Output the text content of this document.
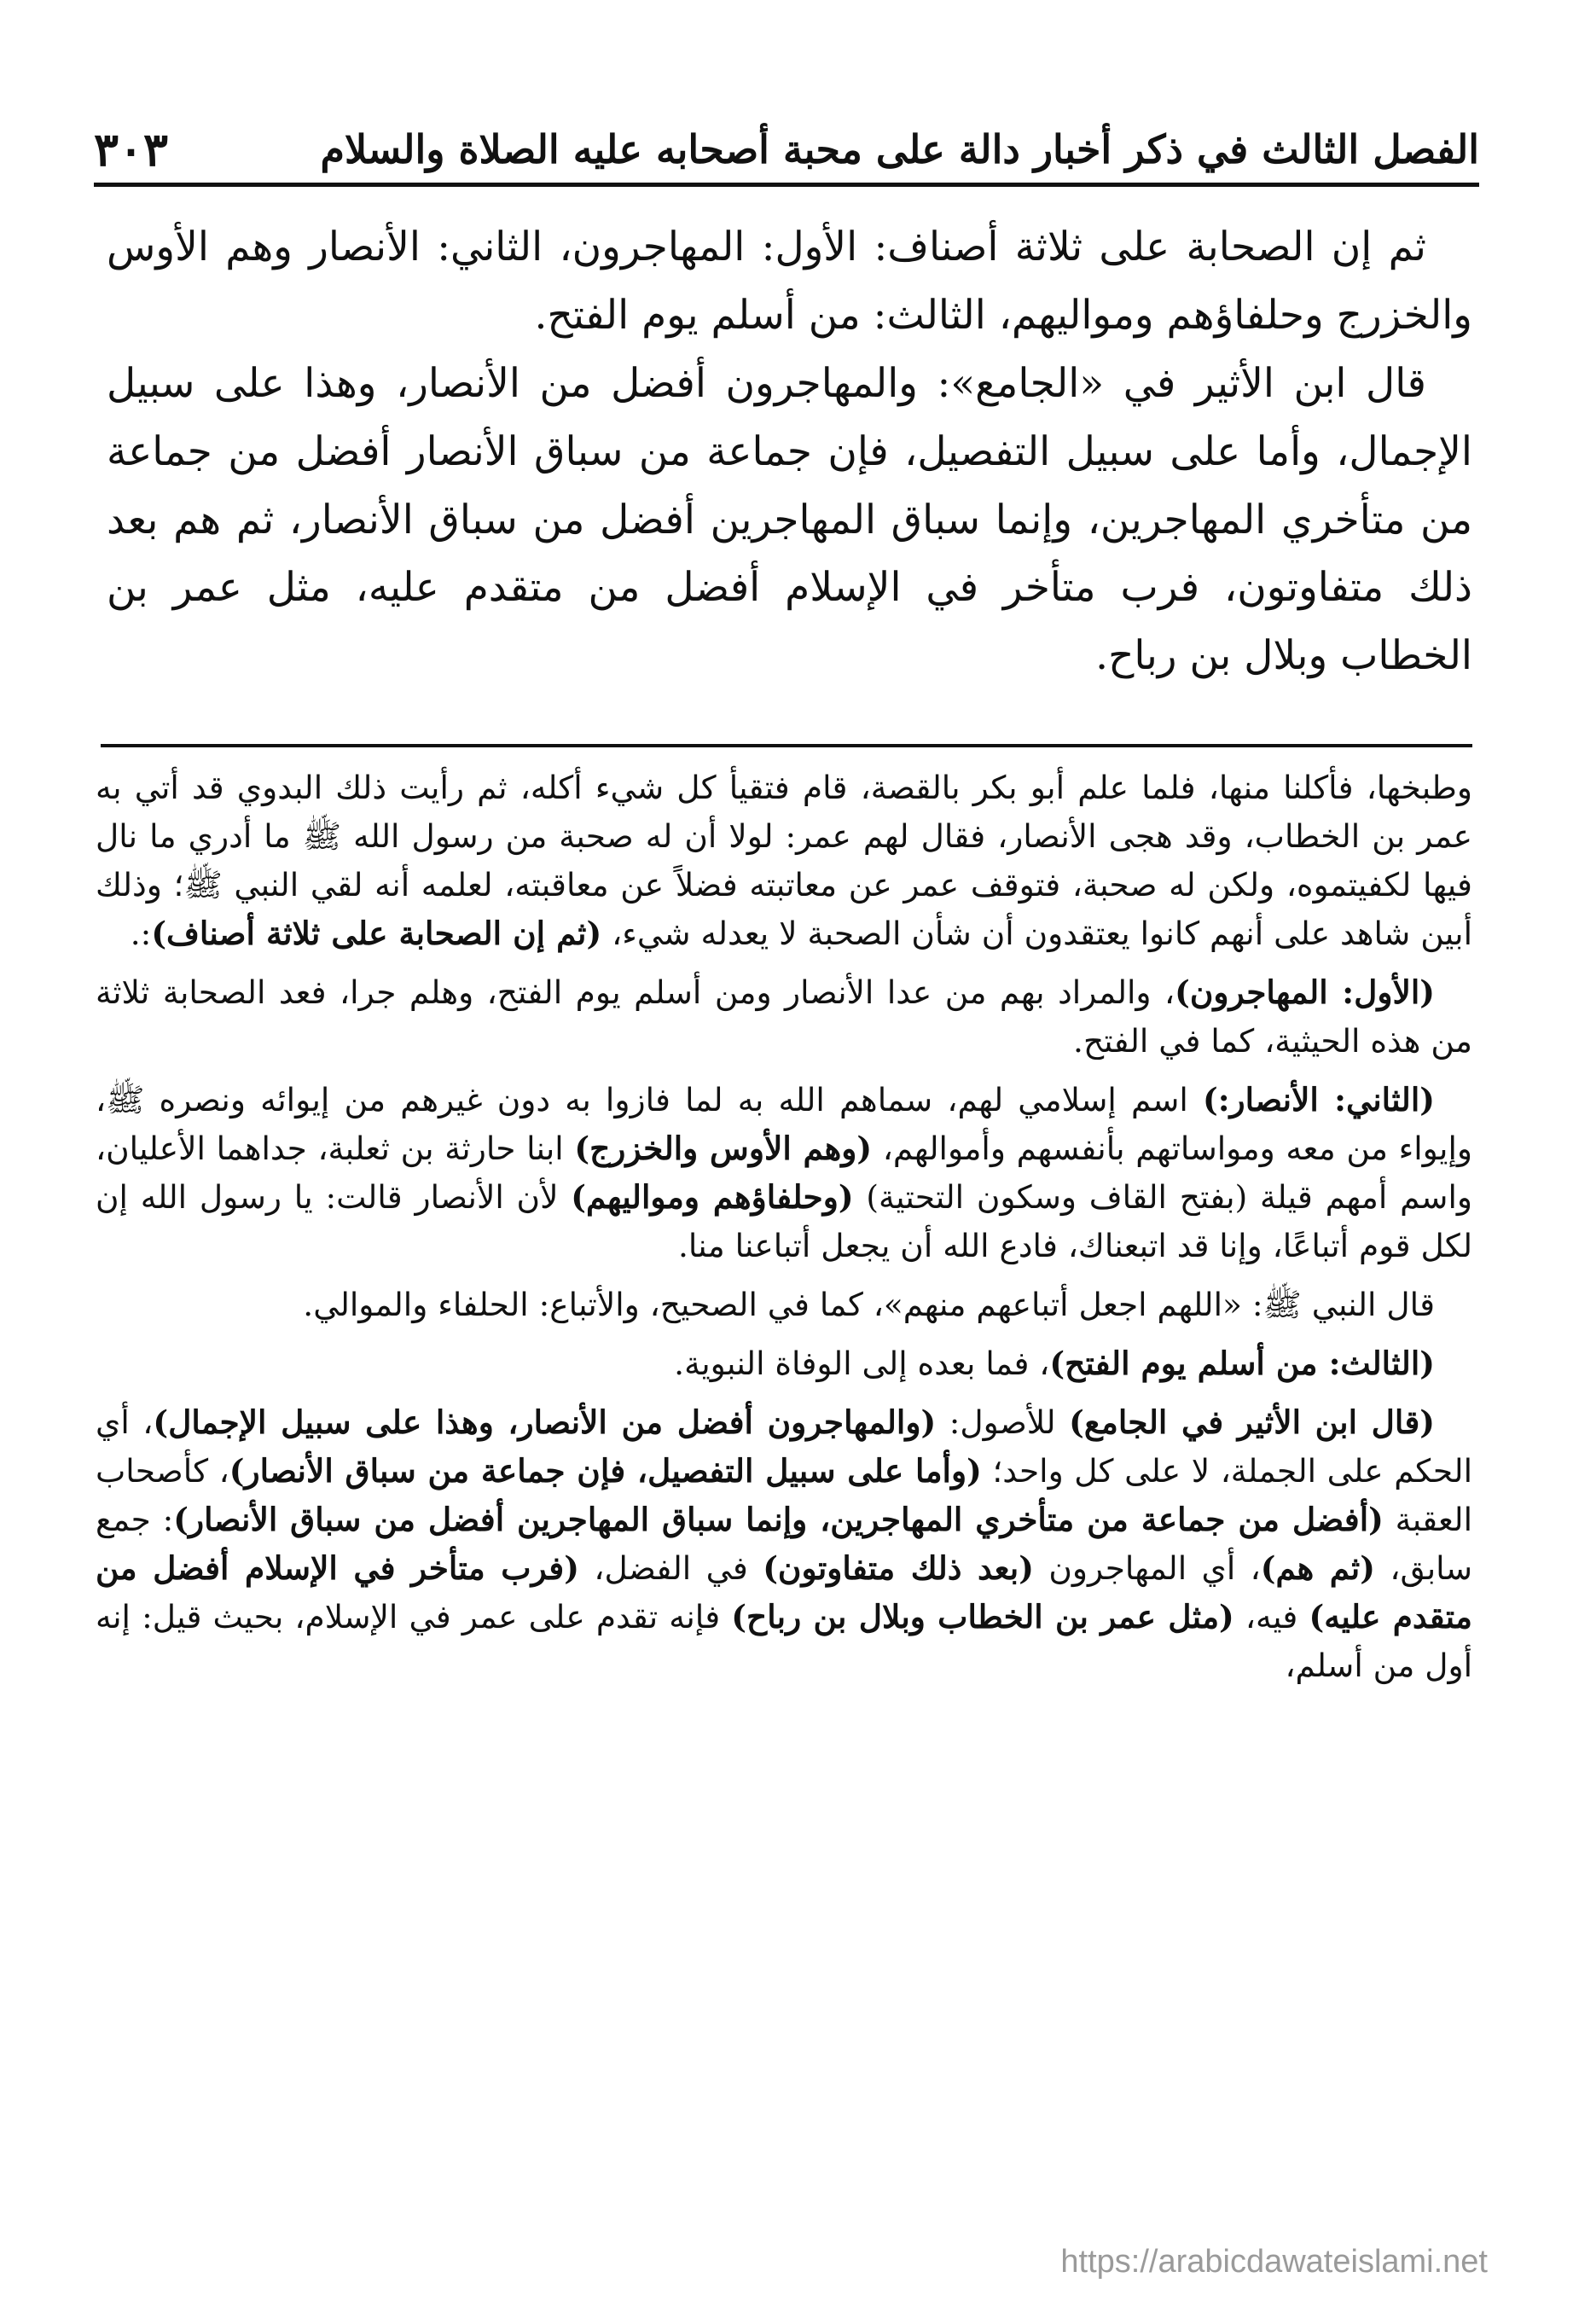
الفصل الثالث في ذكر أخبار دالة على محبة أصحابه عليه الصلاة والسلام
٣٠٣

ثم إن الصحابة على ثلاثة أصناف: الأول: المهاجرون، الثاني: الأنصار وهم الأوس والخزرج وحلفاؤهم ومواليهم، الثالث: من أسلم يوم الفتح.

قال ابن الأثير في «الجامع»: والمهاجرون أفضل من الأنصار، وهذا على سبيل الإجمال، وأما على سبيل التفصيل، فإن جماعة من سباق الأنصار أفضل من جماعة من متأخري المهاجرين، وإنما سباق المهاجرين أفضل من سباق الأنصار، ثم هم بعد ذلك متفاوتون، فرب متأخر في الإسلام أفضل من متقدم عليه، مثل عمر بن الخطاب وبلال بن رباح.

وطبخها، فأكلنا منها، فلما علم أبو بكر بالقصة، قام فتقيأ كل شيء أكله، ثم رأيت ذلك البدوي قد أتي به عمر بن الخطاب، وقد هجى الأنصار، فقال لهم عمر: لولا أن له صحبة من رسول الله ﷺ ما أدري ما نال فيها لكفيتموه، ولكن له صحبة، فتوقف عمر عن معاتبته فضلاً عن معاقبته، لعلمه أنه لقي النبي ﷺ؛ وذلك أبين شاهد على أنهم كانوا يعتقدون أن شأن الصحبة لا يعدله شيء، (ثم إن الصحابة على ثلاثة أصناف):.

(الأول: المهاجرون)، والمراد بهم من عدا الأنصار ومن أسلم يوم الفتح، وهلم جرا، فعد الصحابة ثلاثة من هذه الحيثية، كما في الفتح.

(الثاني: الأنصار:) اسم إسلامي لهم، سماهم الله به لما فازوا به دون غيرهم من إيوائه ونصره ﷺ، وإيواء من معه ومواساتهم بأنفسهم وأموالهم، (وهم الأوس والخزرج) ابنا حارثة بن ثعلبة، جداهما الأعليان، واسم أمهم قيلة (بفتح القاف وسكون التحتية) (وحلفاؤهم ومواليهم) لأن الأنصار قالت: يا رسول الله إن لكل قوم أتباعًا، وإنا قد اتبعناك، فادع الله أن يجعل أتباعنا منا.

قال النبي ﷺ: «اللهم اجعل أتباعهم منهم»، كما في الصحيح، والأتباع: الحلفاء والموالي.

(الثالث: من أسلم يوم الفتح)، فما بعده إلى الوفاة النبوية.

(قال ابن الأثير في الجامع) للأصول: (والمهاجرون أفضل من الأنصار، وهذا على سبيل الإجمال)، أي الحكم على الجملة، لا على كل واحد؛ (وأما على سبيل التفصيل، فإن جماعة من سباق الأنصار)، كأصحاب العقبة (أفضل من جماعة من متأخري المهاجرين، وإنما سباق المهاجرين أفضل من سباق الأنصار): جمع سابق، (ثم هم)، أي المهاجرون (بعد ذلك متفاوتون) في الفضل، (فرب متأخر في الإسلام أفضل من متقدم عليه) فيه، (مثل عمر بن الخطاب وبلال بن رباح) فإنه تقدم على عمر في الإسلام، بحيث قيل: إنه أول من أسلم،

https://arabicdawateislami.net
